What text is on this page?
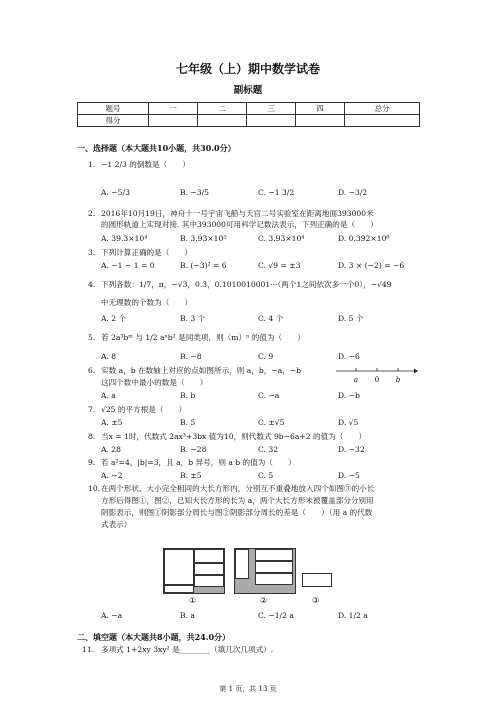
七年级（上）期中数学试卷
副标题
题号	一	二	三	四	总分
得分					
一、选择题（本大题共10小题，共30.0分）
1. −1 2/3 的倒数是（　　）
A. −5/3	B. −3/5	C. −1 3/2	D. −3/2
2. 2016年10月19日，神舟十一号宇宙飞船与天宫二号实验室在距离地面393000米
的圆形轨道上实现对接. 其中393000可用科学记数法表示，下列正确的是（　　）
A. 39.3×10⁴	B. 3.93×10⁵	C. 3.93×10⁴	D. 0.392×10⁶
3. 下列计算正确的是（　　）
A. −1 − 1 = 0	B. (−3)² = 6	C. √9 = ±3	D. 3 × (−2) = −6
4. 下列各数：1/7，π，−√3，0.3̇，0.1010010001···（两个1之间依次多一个0），−√49
中无理数的个数为（　　）
A. 2 个	B. 3 个	C. 4 个	D. 5 个
5. 若 2a³bᵐ 与 1/2 aⁿb² 是同类项，则（m）ⁿ 的值为（　　）
A. 8	B. −8	C. 9	D. −6
6. 实数 a，b 在数轴上对应的点如图所示，则 a，b，−a，−b
这四个数中最小的数是（　　）	a 0 b
A. a	B. b	C. −a	D. −b
7. √25 的平方根是（　　）
A. ±5	B. 5	C. ±√5	D. √5
8. 当x = 1时，代数式 2ax³+3bx 值为10，则代数式 9b−6a+2 的值为（　　）
A. 28	B. −28	C. 32	D. −32
9. 若 a²=4，|b|=3，且 a，b 异号，则 a b 的值为（　　）
A. −2	B. ±5	C. 5	D. −5
10. 在两个形状、大小完全相同的大长方形内，分别互不重叠地放入四个如图③的小长
方形后得图①，图②，已知大长方形的长为 a，两个大长方形未被覆盖部分分别用
阴影表示，则图①阴影部分周长与图②阴影部分周长的差是（　　）（用 a 的代数
式表示）
①	②	③
A. −a	B. a	C. −1/2 a	D. 1/2 a
二、填空题（本大题共8小题，共24.0分）
11. 多项式 1+2xy 3xy² 是________（填几次几项式）.
第 1 页，共 13 页
